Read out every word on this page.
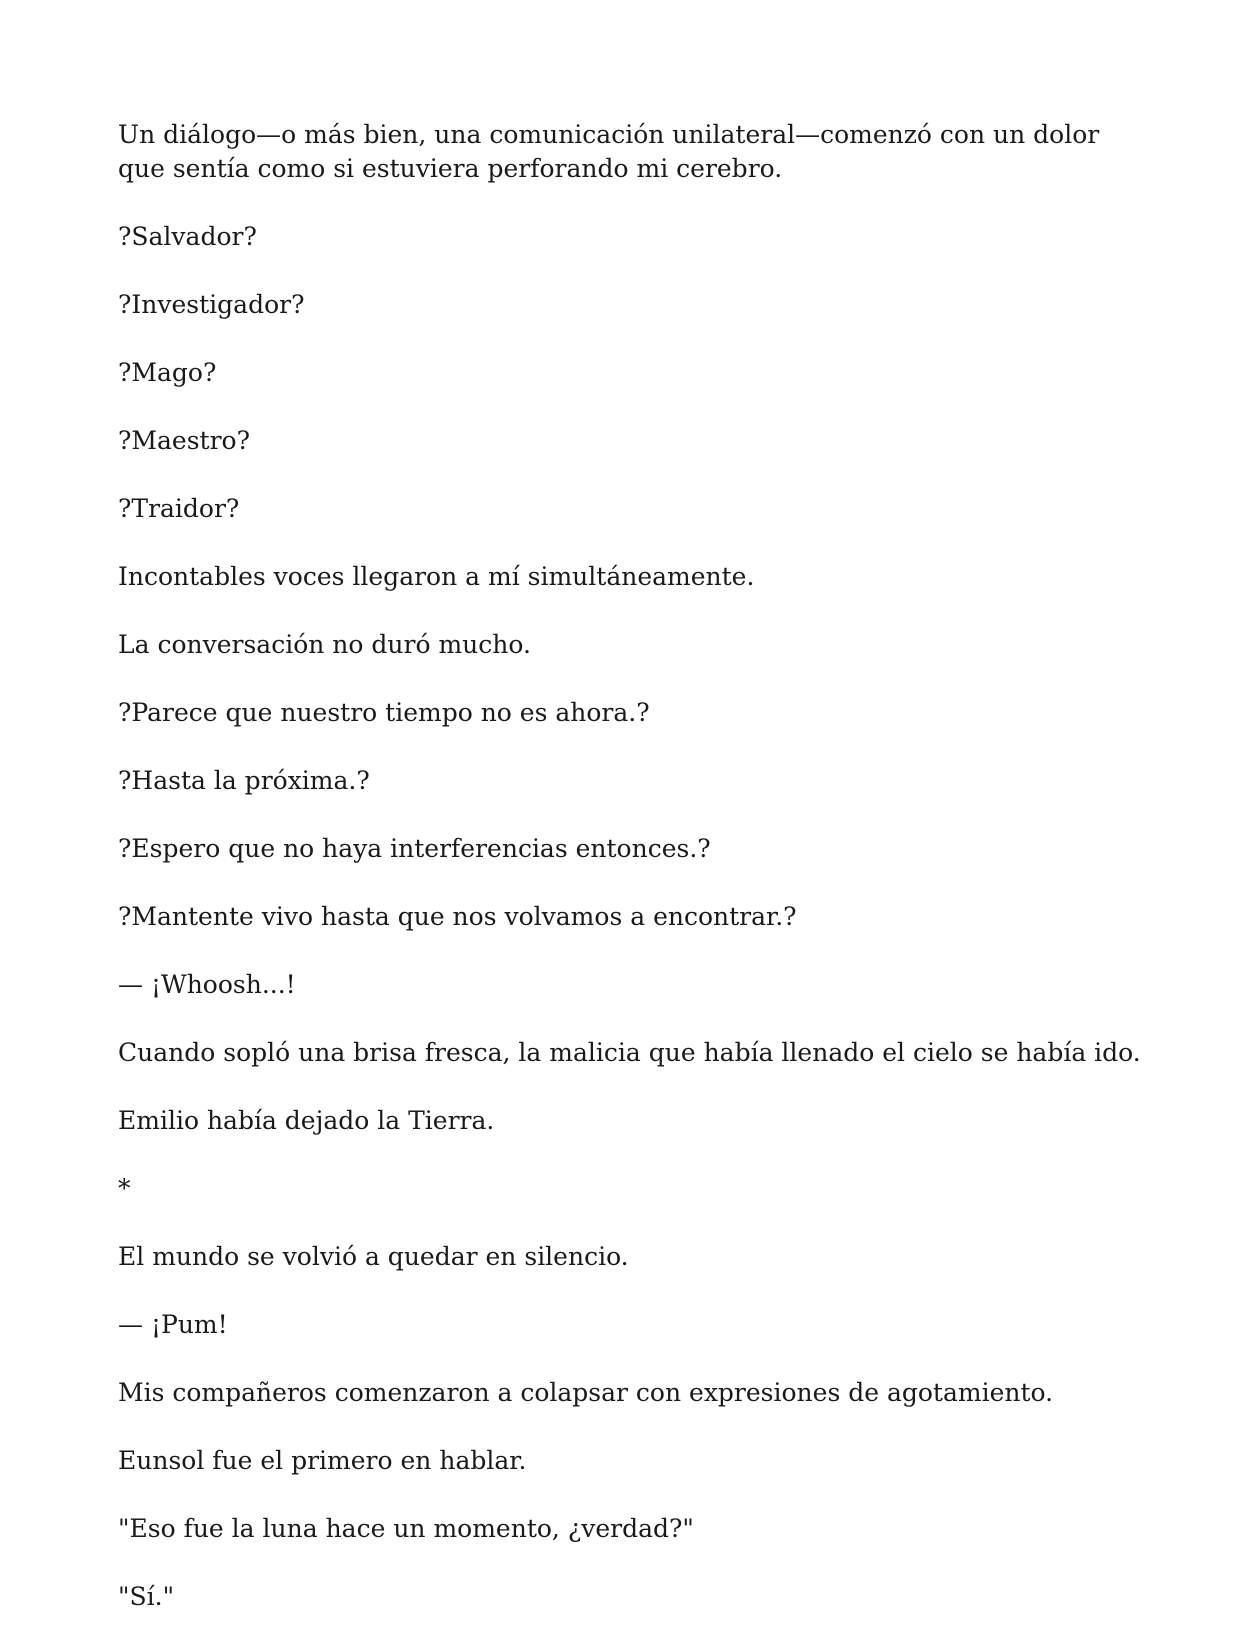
Un diálogo—o más bien, una comunicación unilateral—comenzó con un dolor que sentía como si estuviera perforando mi cerebro.

?Salvador?

?Investigador?

?Mago?

?Maestro?

?Traidor?

Incontables voces llegaron a mí simultáneamente.

La conversación no duró mucho.

?Parece que nuestro tiempo no es ahora.?

?Hasta la próxima.?

?Espero que no haya interferencias entonces.?

?Mantente vivo hasta que nos volvamos a encontrar.?

— ¡Whoosh...!

Cuando sopló una brisa fresca, la malicia que había llenado el cielo se había ido.

Emilio había dejado la Tierra.

*

El mundo se volvió a quedar en silencio.

— ¡Pum!

Mis compañeros comenzaron a colapsar con expresiones de agotamiento.

Eunsol fue el primero en hablar.

"Eso fue la luna hace un momento, ¿verdad?"

"Sí."
